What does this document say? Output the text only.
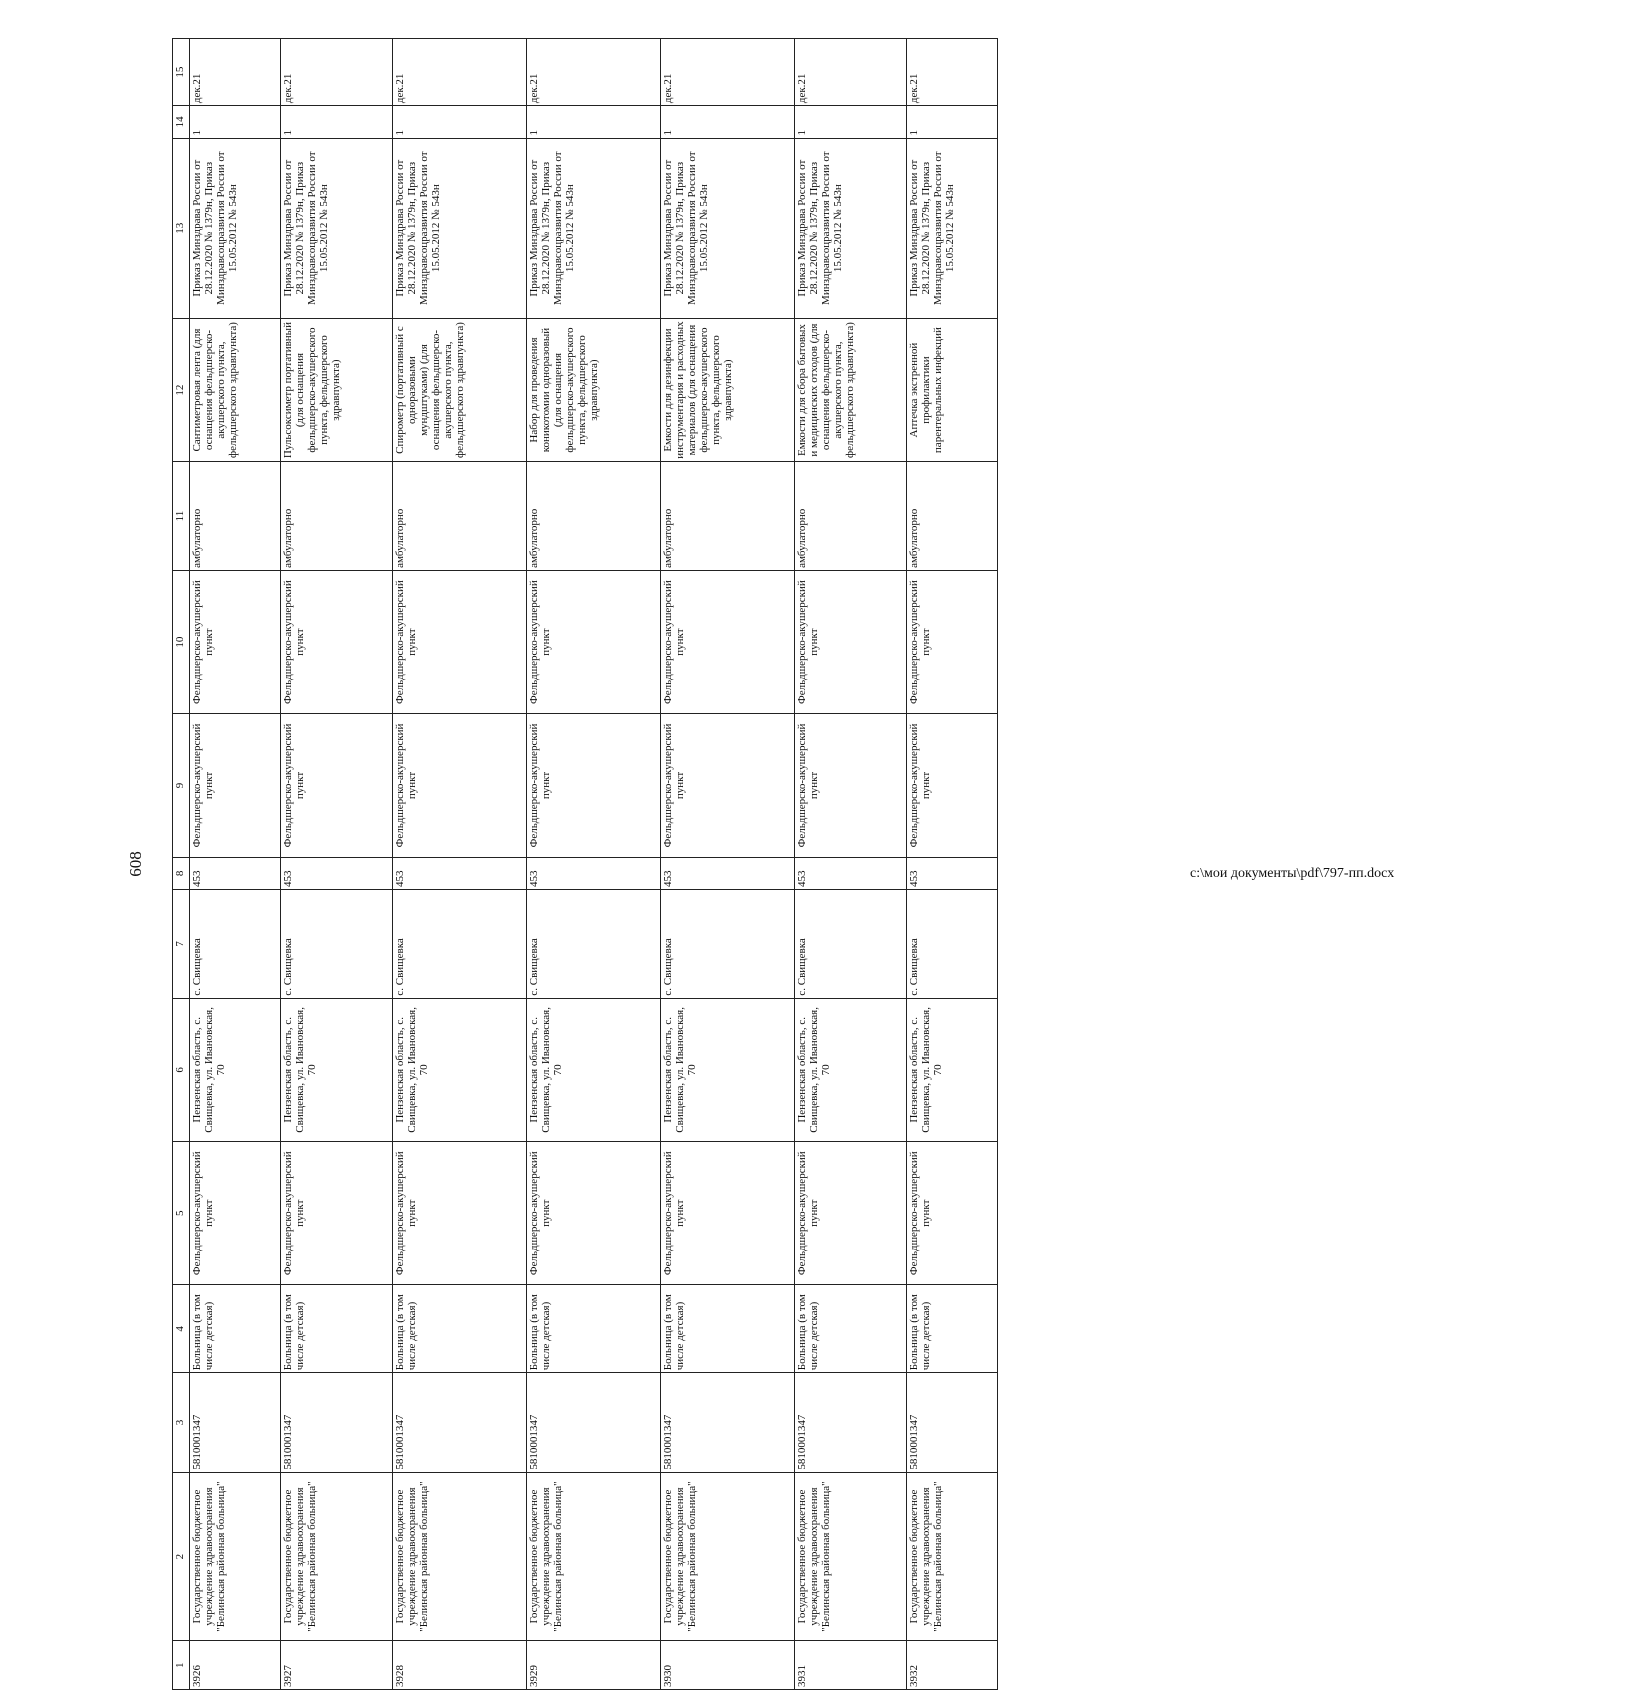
608
1	2	3	4	5	6	7	8	9	10	11	12	13	14	15
3926	Государственное бюджетное учреждение здравоохранения "Белинская районная больница"	5810001347	Больница (в том числе детская)	Фельдшерско-акушерский пункт	Пензенская область, с. Свищевка, ул. Ивановская, 70	с. Свищевка	453	Фельдшерско-акушерский пункт	Фельдшерско-акушерский пункт	амбулаторно	Сантиметровая лента (для оснащения фельдшерско-акушерского пункта, фельдшерского здравпункта)	Приказ Минздрава России от 28.12.2020 № 1379н, Приказ Минздравсоцразвития России от 15.05.2012 № 543н	1	дек.21
3927	Государственное бюджетное учреждение здравоохранения "Белинская районная больница"	5810001347	Больница (в том числе детская)	Фельдшерско-акушерский пункт	Пензенская область, с. Свищевка, ул. Ивановская, 70	с. Свищевка	453	Фельдшерско-акушерский пункт	Фельдшерско-акушерский пункт	амбулаторно	Пульсоксиметр портативный (для оснащения фельдшерско-акушерского пункта, фельдшерского здравпункта)	Приказ Минздрава России от 28.12.2020 № 1379н, Приказ Минздравсоцразвития России от 15.05.2012 № 543н	1	дек.21
3928	Государственное бюджетное учреждение здравоохранения "Белинская районная больница"	5810001347	Больница (в том числе детская)	Фельдшерско-акушерский пункт	Пензенская область, с. Свищевка, ул. Ивановская, 70	с. Свищевка	453	Фельдшерско-акушерский пункт	Фельдшерско-акушерский пункт	амбулаторно	Спирометр (портативный с одноразовыми мундштуками) (для оснащения фельдшерско-акушерского пункта, фельдшерского здравпункта)	Приказ Минздрава России от 28.12.2020 № 1379н, Приказ Минздравсоцразвития России от 15.05.2012 № 543н	1	дек.21
3929	Государственное бюджетное учреждение здравоохранения "Белинская районная больница"	5810001347	Больница (в том числе детская)	Фельдшерско-акушерский пункт	Пензенская область, с. Свищевка, ул. Ивановская, 70	с. Свищевка	453	Фельдшерско-акушерский пункт	Фельдшерско-акушерский пункт	амбулаторно	Набор для проведения коникотомии одноразовый (для оснащения фельдшерско-акушерского пункта, фельдшерского здравпункта)	Приказ Минздрава России от 28.12.2020 № 1379н, Приказ Минздравсоцразвития России от 15.05.2012 № 543н	1	дек.21
3930	Государственное бюджетное учреждение здравоохранения "Белинская районная больница"	5810001347	Больница (в том числе детская)	Фельдшерско-акушерский пункт	Пензенская область, с. Свищевка, ул. Ивановская, 70	с. Свищевка	453	Фельдшерско-акушерский пункт	Фельдшерско-акушерский пункт	амбулаторно	Емкости для дезинфекции инструментария и расходных материалов (для оснащения фельдшерско-акушерского пункта, фельдшерского здравпункта)	Приказ Минздрава России от 28.12.2020 № 1379н, Приказ Минздравсоцразвития России от 15.05.2012 № 543н	1	дек.21
3931	Государственное бюджетное учреждение здравоохранения "Белинская районная больница"	5810001347	Больница (в том числе детская)	Фельдшерско-акушерский пункт	Пензенская область, с. Свищевка, ул. Ивановская, 70	с. Свищевка	453	Фельдшерско-акушерский пункт	Фельдшерско-акушерский пункт	амбулаторно	Емкости для сбора бытовых и медицинских отходов (для оснащения фельдшерско-акушерского пункта, фельдшерского здравпункта)	Приказ Минздрава России от 28.12.2020 № 1379н, Приказ Минздравсоцразвития России от 15.05.2012 № 543н	1	дек.21
3932	Государственное бюджетное учреждение здравоохранения "Белинская районная больница"	5810001347	Больница (в том числе детская)	Фельдшерско-акушерский пункт	Пензенская область, с. Свищевка, ул. Ивановская, 70	с. Свищевка	453	Фельдшерско-акушерский пункт	Фельдшерско-акушерский пункт	амбулаторно	Аптечка экстренной профилактики парентеральных инфекций	Приказ Минздрава России от 28.12.2020 № 1379н, Приказ Минздравсоцразвития России от 15.05.2012 № 543н	1	дек.21
c:\мои документы\pdf\797-пп.docx
